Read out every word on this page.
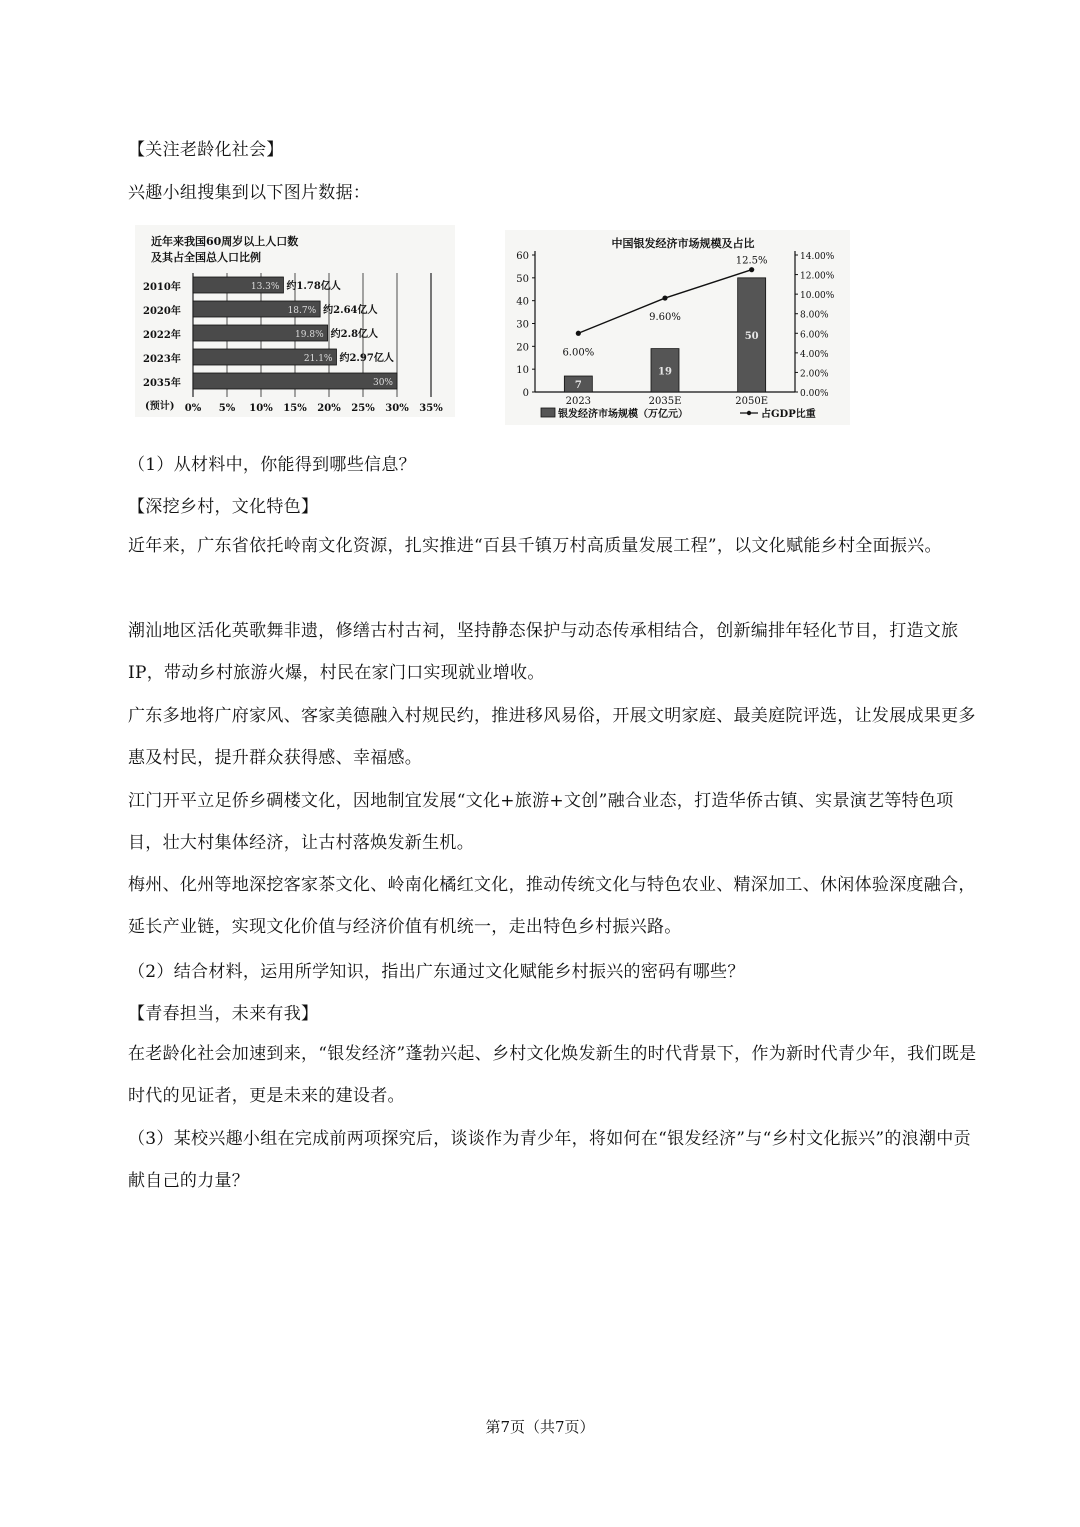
【关注老龄化社会】
兴趣小组搜集到以下图片数据：
近年来我国60周岁以上人口数
及其占全国总人口比例
13.3% 约1.78亿人
18.7% 约2.64亿人
19.8% 约2.8亿人
21.1% 约2.97亿人
30%
2010年
2020年
2022年
2023年
2035年
0% 5% 10% 15% 20% 25% 30% 35%
(预计)
中国银发经济市场规模及占比
7
19
50
6.00%
9.60%
12.5%
0
10
20
30
40
50
60
0.00%
2.00%
4.00%
6.00%
8.00%
10.00%
12.00%
14.00%
2023	2035E	2050E
银发经济市场规模（万亿元）	占GDP比重
（1）从材料中，你能得到哪些信息？
【深挖乡村，文化特色】
近年来，广东省依托岭南文化资源，扎实推进“百县千镇万村高质量发展工程”，以文化赋能乡村全面振兴。
潮汕地区活化英歌舞非遗，修缮古村古祠，坚持静态保护与动态传承相结合，创新编排年轻化节目，打造文旅 IP，带动乡村旅游火爆，村民在家门口实现就业增收。
广东多地将广府家风、客家美德融入村规民约，推进移风易俗，开展文明家庭、最美庭院评选，让发展成果更多惠及村民，提升群众获得感、幸福感。
江门开平立足侨乡碉楼文化，因地制宜发展“文化+旅游+文创”融合业态，打造华侨古镇、实景演艺等特色项目，壮大村集体经济，让古村落焕发新生机。
梅州、化州等地深挖客家茶文化、岭南化橘红文化，推动传统文化与特色农业、精深加工、休闲体验深度融合，延长产业链，实现文化价值与经济价值有机统一，走出特色乡村振兴路。
（2）结合材料，运用所学知识，指出广东通过文化赋能乡村振兴的密码有哪些？
【青春担当，未来有我】
在老龄化社会加速到来，“银发经济”蓬勃兴起、乡村文化焕发新生的时代背景下，作为新时代青少年，我们既是时代的见证者，更是未来的建设者。
（3）某校兴趣小组在完成前两项探究后，谈谈作为青少年，将如何在“银发经济”与“乡村文化振兴”的浪潮中贡献自己的力量？
第7页（共7页）
